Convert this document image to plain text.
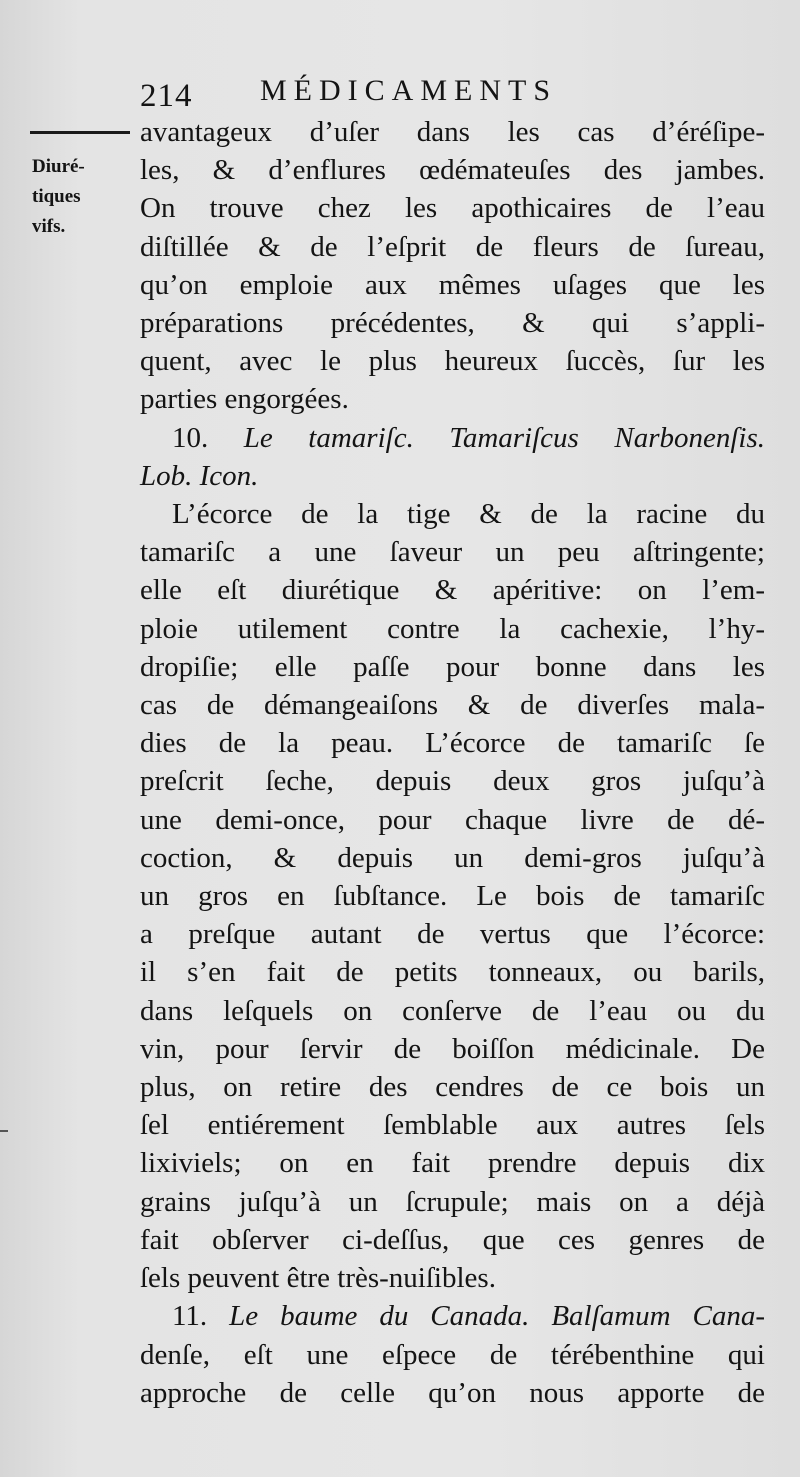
214 MÉDICAMENTS
Diuré-
tiques
vifs.
avantageux d’uſer dans les cas d’éréſipe-
les, & d’enflures œdémateuſes des jambes.
On trouve chez les apothicaires de l’eau
diſtillée & de l’eſprit de fleurs de ſureau,
qu’on emploie aux mêmes uſages que les
préparations précédentes, & qui s’appli-
quent, avec le plus heureux ſuccès, ſur les
parties engorgées.
10. Le tamariſc. Tamariſcus Narbonenſis.
Lob. Icon.
L’écorce de la tige & de la racine du
tamariſc a une ſaveur un peu aſtringente;
elle eſt diurétique & apéritive: on l’em-
ploie utilement contre la cachexie, l’hy-
dropiſie; elle paſſe pour bonne dans les
cas de démangeaiſons & de diverſes mala-
dies de la peau. L’écorce de tamariſc ſe
preſcrit ſeche, depuis deux gros juſqu’à
une demi-once, pour chaque livre de dé-
coction, & depuis un demi-gros juſqu’à
un gros en ſubſtance. Le bois de tamariſc
a preſque autant de vertus que l’écorce:
il s’en fait de petits tonneaux, ou barils,
dans leſquels on conſerve de l’eau ou du
vin, pour ſervir de boiſſon médicinale. De
plus, on retire des cendres de ce bois un
ſel entiérement ſemblable aux autres ſels
lixiviels; on en fait prendre depuis dix
grains juſqu’à un ſcrupule; mais on a déjà
fait obſerver ci-deſſus, que ces genres de
ſels peuvent être très-nuiſibles.
11. Le baume du Canada. Balſamum Cana-
denſe, eſt une eſpece de térébenthine qui
approche de celle qu’on nous apporte de
